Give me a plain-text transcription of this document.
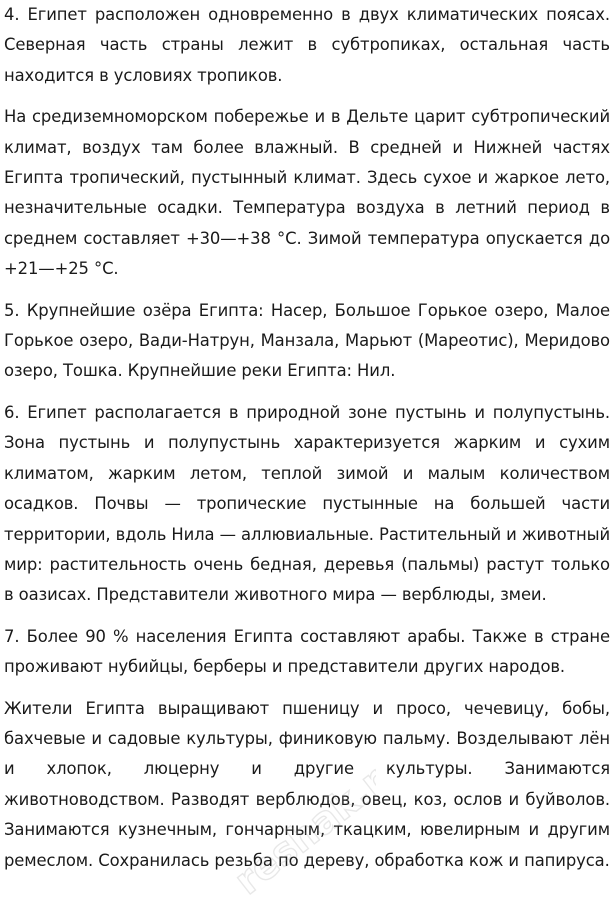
4. Египет расположен одновременно в двух климатических поясах. Северная часть страны лежит в субтропиках, остальная часть находится в условиях тропиков.

На средиземноморском побережье и в Дельте царит субтропический климат, воздух там более влажный. В средней и Нижней частях Египта тропический, пустынный климат. Здесь сухое и жаркое лето, незначительные осадки. Температура воздуха в летний период в среднем составляет +30—+38 °С. Зимой температура опускается до +21—+25 °С.

5. Крупнейшие озёра Египта: Насер, Большое Горькое озеро, Малое Горькое озеро, Вади-Натрун, Манзала, Марьют (Мареотис), Меридово озеро, Тошка. Крупнейшие реки Египта: Нил.

6. Египет располагается в природной зоне пустынь и полупустынь. Зона пустынь и полупустынь характеризуется жарким и сухим климатом, жарким летом, теплой зимой и малым количеством осадков. Почвы — тропические пустынные на большей части территории, вдоль Нила — аллювиальные. Растительный и животный мир: растительность очень бедная, деревья (пальмы) растут только в оазисах. Представители животного мира — верблюды, змеи.

7. Более 90 % населения Египта составляют арабы. Также в стране проживают нубийцы, берберы и представители других народов.

Жители Египта выращивают пшеницу и просо, чечевицу, бобы, бахчевые и садовые культуры, финиковую пальму. Возделывают лён и хлопок, люцерну и другие культуры. Занимаются животноводством. Разводят верблюдов, овец, коз, ослов и буйволов. Занимаются кузнечным, гончарным, ткацким, ювелирным и другим ремеслом. Сохранилась резьба по дереву, обработка кож и папируса.

reshak.ru
